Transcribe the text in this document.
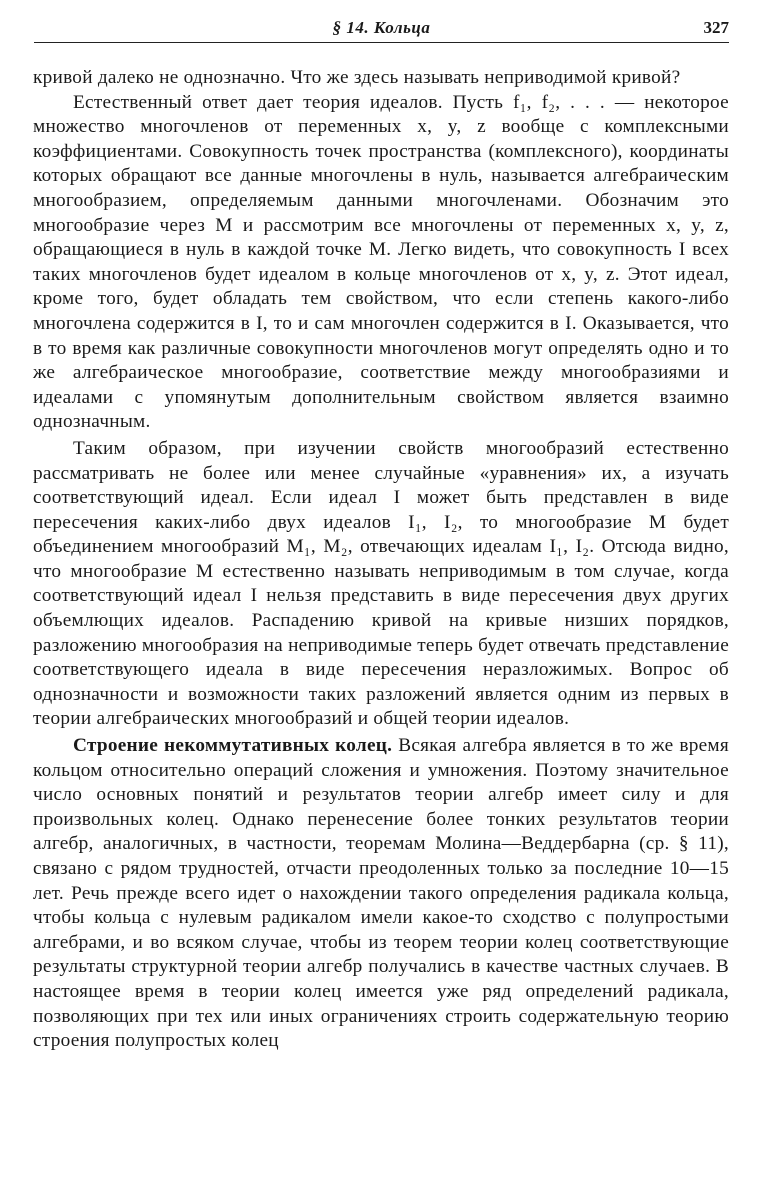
§ 14. Кольца	327

кривой далеко не однозначно. Что же здесь называть неприводимой кривой?

Естественный ответ дает теория идеалов. Пусть f₁, f₂, . . . — некоторое множество многочленов от переменных x, y, z вообще с комплексными коэффициентами. Совокупность точек пространства (комплексного), координаты которых обращают все данные многочлены в нуль, называется алгебраическим многообразием, определяемым данными многочленами. Обозначим это многообразие через M и рассмотрим все многочлены от переменных x, y, z, обращающиеся в нуль в каждой точке M. Легко видеть, что совокупность I всех таких многочленов будет идеалом в кольце многочленов от x, y, z. Этот идеал, кроме того, будет обладать тем свойством, что если степень какого-либо многочлена содержится в I, то и сам многочлен содержится в I. Оказывается, что в то время как различные совокупности многочленов могут определять одно и то же алгебраическое многообразие, соответствие между многообразиями и идеалами с упомянутым дополнительным свойством является взаимно однозначным.

Таким образом, при изучении свойств многообразий естественно рассматривать не более или менее случайные «уравнения» их, а изучать соответствующий идеал. Если идеал I может быть представлен в виде пересечения каких-либо двух идеалов I₁, I₂, то многообразие M будет объединением многообразий M₁, M₂, отвечающих идеалам I₁, I₂. Отсюда видно, что многообразие M естественно называть неприводимым в том случае, когда соответствующий идеал I нельзя представить в виде пересечения двух других объемлющих идеалов. Распадению кривой на кривые низших порядков, разложению многообразия на неприводимые теперь будет отвечать представление соответствующего идеала в виде пересечения неразложимых. Вопрос об однозначности и возможности таких разложений является одним из первых в теории алгебраических многообразий и общей теории идеалов.

Строение некоммутативных колец. Всякая алгебра является в то же время кольцом относительно операций сложения и умножения. Поэтому значительное число основных понятий и результатов теории алгебр имеет силу и для произвольных колец. Однако перенесение более тонких результатов теории алгебр, аналогичных, в частности, теоремам Молина—Веддербарна (ср. § 11), связано с рядом трудностей, отчасти преодоленных только за последние 10—15 лет. Речь прежде всего идет о нахождении такого определения радикала кольца, чтобы кольца с нулевым радикалом имели какое-то сходство с полупростыми алгебрами, и во всяком случае, чтобы из теорем теории колец соответствующие результаты структурной теории алгебр получались в качестве частных случаев. В настоящее время в теории колец имеется уже ряд определений радикала, позволяющих при тех или иных ограничениях строить содержательную теорию строения полупростых колец
